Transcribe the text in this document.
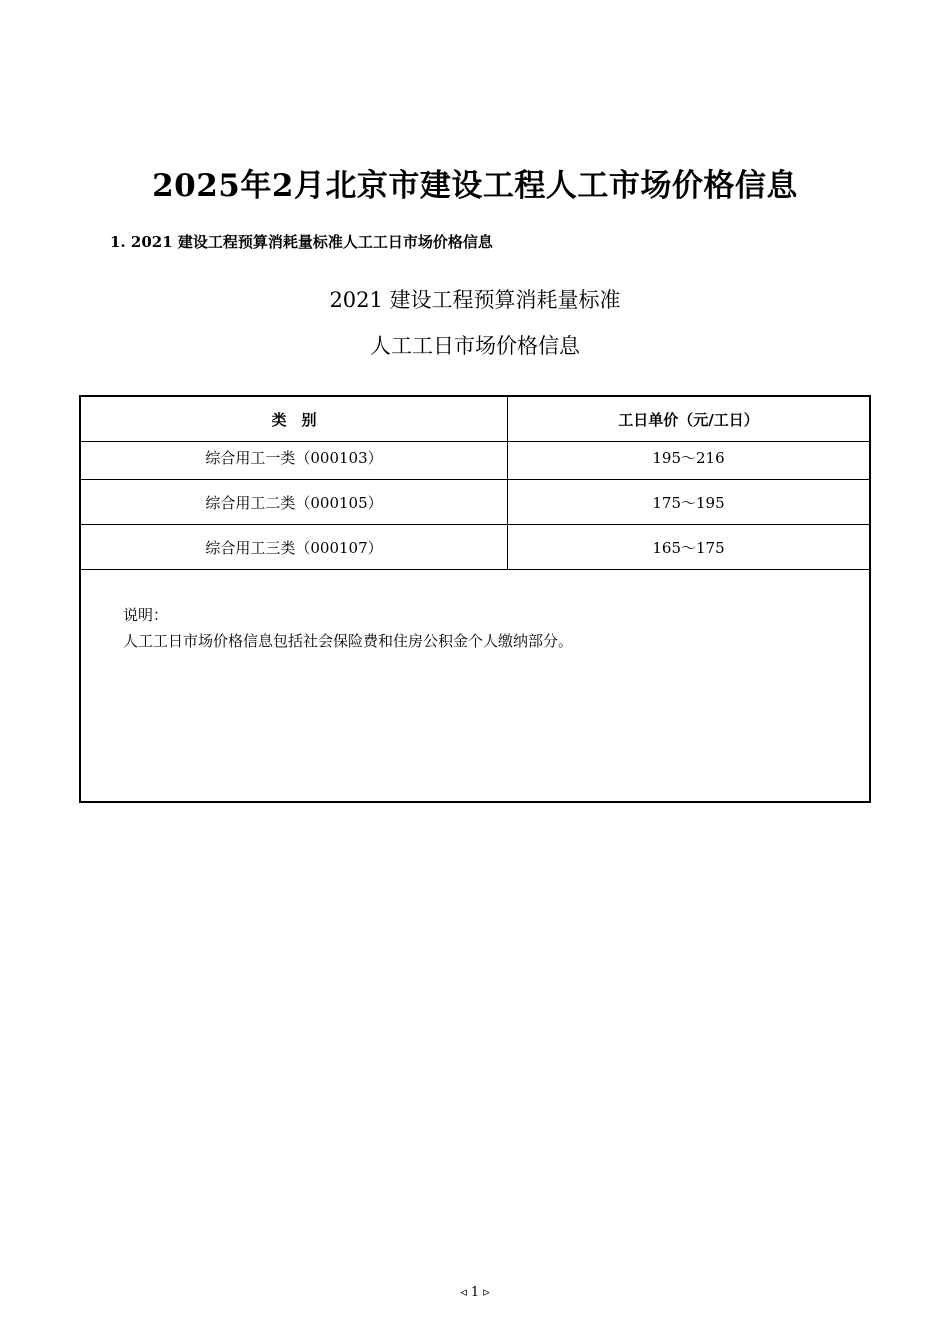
2025年2月北京市建设工程人工市场价格信息
1. 2021 建设工程预算消耗量标准人工工日市场价格信息
2021 建设工程预算消耗量标准
人工工日市场价格信息
类　别	工日单价（元/工日）
综合用工一类（000103）	195～216
综合用工二类（000105）	175～195
综合用工三类（000107）	165～175
说明：
人工工日市场价格信息包括社会保险费和住房公积金个人缴纳部分。
◃ 1 ▹
